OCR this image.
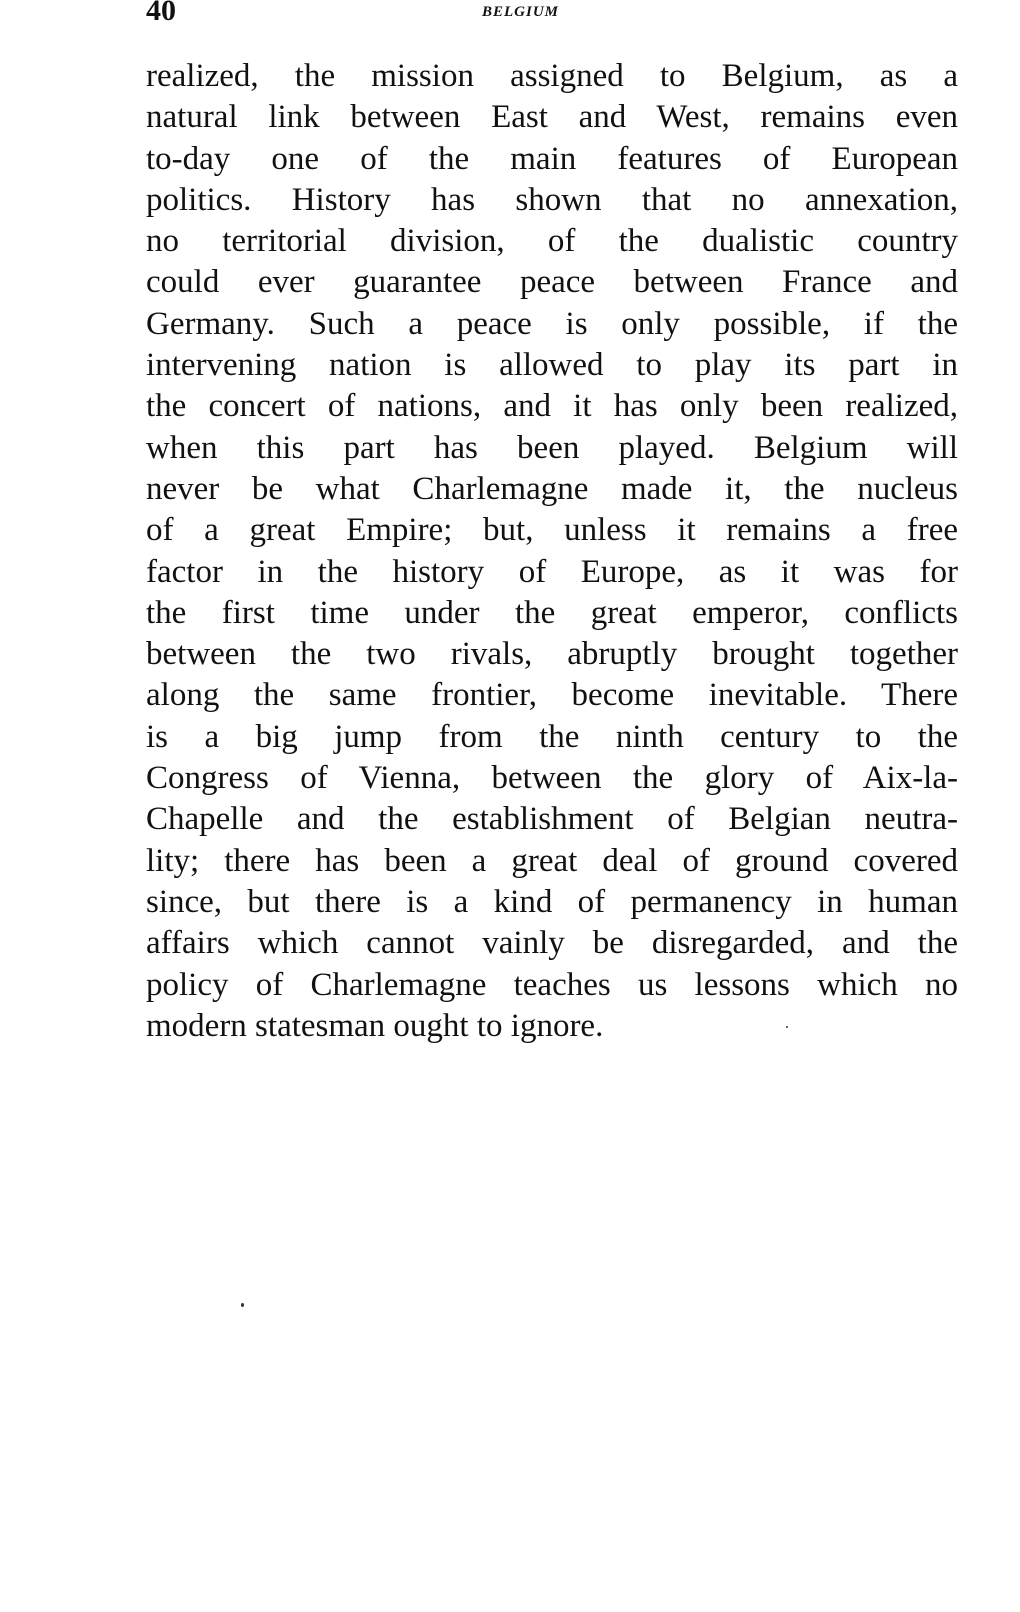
40	BELGIUM
realized, the mission assigned to Belgium, as a
natural link between East and West, remains even
to-day one of the main features of European
politics. History has shown that no annexation,
no territorial division, of the dualistic country
could ever guarantee peace between France and
Germany. Such a peace is only possible, if the
intervening nation is allowed to play its part in
the concert of nations, and it has only been realized,
when this part has been played. Belgium will
never be what Charlemagne made it, the nucleus
of a great Empire; but, unless it remains a free
factor in the history of Europe, as it was for
the first time under the great emperor, conflicts
between the two rivals, abruptly brought together
along the same frontier, become inevitable. There
is a big jump from the ninth century to the
Congress of Vienna, between the glory of Aix-la-
Chapelle and the establishment of Belgian neutra-
lity; there has been a great deal of ground covered
since, but there is a kind of permanency in human
affairs which cannot vainly be disregarded, and the
policy of Charlemagne teaches us lessons which no
modern statesman ought to ignore.
